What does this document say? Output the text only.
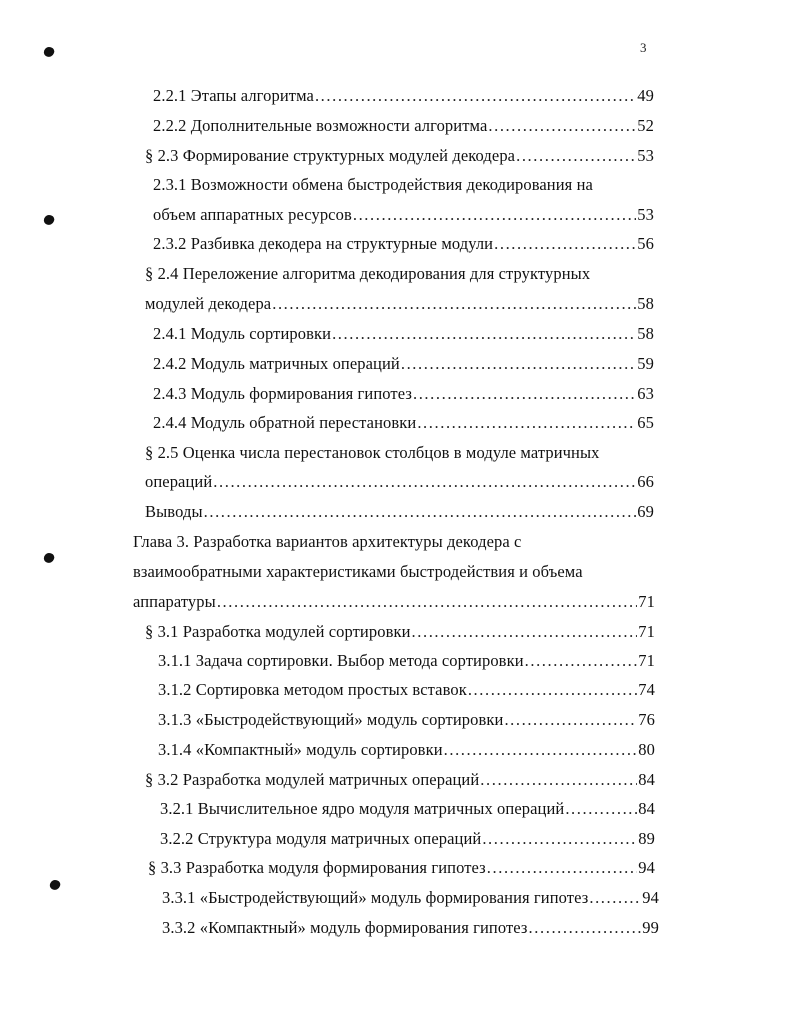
3
2.2.1 Этапы алгоритма .....	49
2.2.2 Дополнительные возможности алгоритма .....	52
§ 2.3 Формирование структурных модулей декодера .....	53
2.3.1 Возможности обмена быстродействия декодирования на
объем аппаратных ресурсов .....	53
2.3.2 Разбивка декодера на структурные модули .....	56
§ 2.4 Переложение алгоритма декодирования для структурных
модулей декодера .....	58
2.4.1 Модуль сортировки .....	58
2.4.2 Модуль матричных операций .....	59
2.4.3 Модуль формирования гипотез .....	63
2.4.4 Модуль обратной перестановки .....	65
§ 2.5 Оценка числа перестановок столбцов в модуле матричных
операций .....	66
Выводы .....	69
Глава 3. Разработка вариантов архитектуры декодера с
взаимообратными характеристиками быстродействия и объема
аппаратуры .....	71
§ 3.1 Разработка модулей сортировки .....	71
3.1.1 Задача сортировки. Выбор метода сортировки .....	71
3.1.2 Сортировка методом простых вставок .....	74
3.1.3 «Быстродействующий» модуль сортировки .....	76
3.1.4 «Компактный» модуль сортировки .....	80
§ 3.2 Разработка модулей матричных операций .....	84
3.2.1 Вычислительное ядро модуля матричных операций .....	84
3.2.2 Структура модуля матричных операций .....	89
§ 3.3 Разработка модуля формирования гипотез .....	94
3.3.1 «Быстродействующий» модуль формирования гипотез .....	94
3.3.2 «Компактный» модуль формирования гипотез .....	99
